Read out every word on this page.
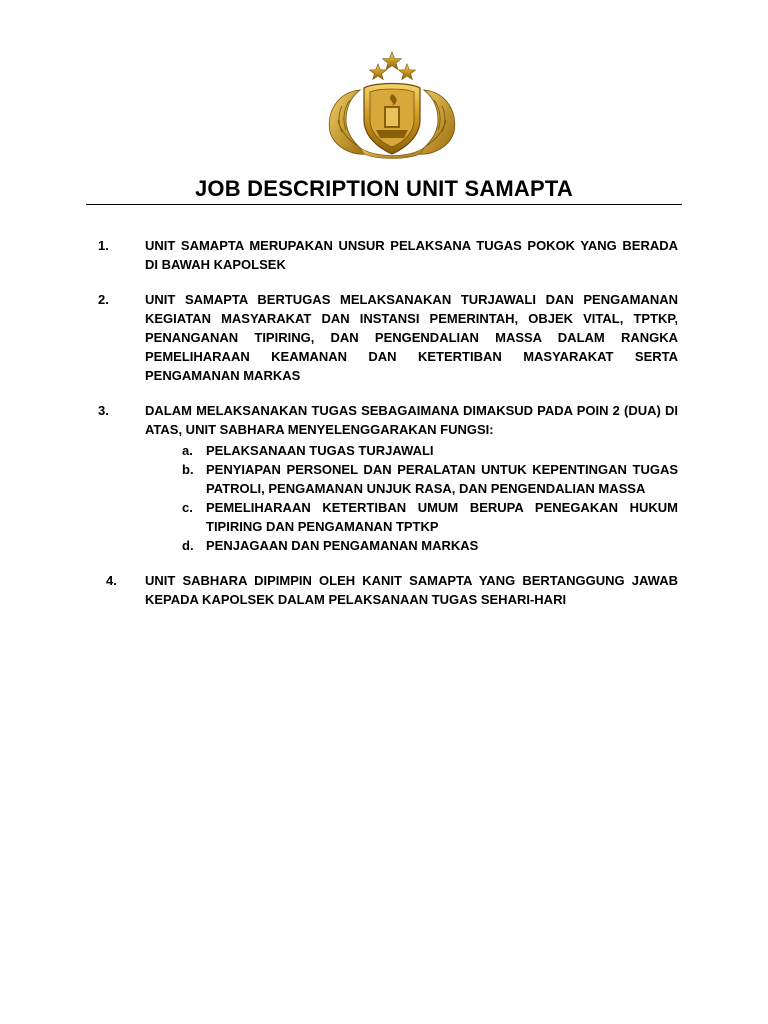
JOB DESCRIPTION UNIT SAMAPTA
1.	UNIT SAMAPTA MERUPAKAN UNSUR PELAKSANA TUGAS POKOK YANG BERADA DI BAWAH KAPOLSEK
2.	UNIT SAMAPTA BERTUGAS MELAKSANAKAN TURJAWALI DAN PENGAMANAN KEGIATAN MASYARAKAT DAN INSTANSI PEMERINTAH, OBJEK VITAL, TPTKP, PENANGANAN TIPIRING, DAN PENGENDALIAN MASSA DALAM RANGKA PEMELIHARAAN KEAMANAN DAN KETERTIBAN MASYARAKAT SERTA PENGAMANAN MARKAS
3.	DALAM MELAKSANAKAN TUGAS SEBAGAIMANA DIMAKSUD PADA POIN 2 (DUA) DI ATAS, UNIT SABHARA MENYELENGGARAKAN FUNGSI:
a. PELAKSANAAN TUGAS TURJAWALI
b. PENYIAPAN PERSONEL DAN PERALATAN UNTUK KEPENTINGAN TUGAS PATROLI, PENGAMANAN UNJUK RASA, DAN PENGENDALIAN MASSA
c. PEMELIHARAAN KETERTIBAN UMUM BERUPA PENEGAKAN HUKUM TIPIRING DAN PENGAMANAN TPTKP
d. PENJAGAAN DAN PENGAMANAN MARKAS
4. UNIT SABHARA DIPIMPIN OLEH KANIT SAMAPTA YANG BERTANGGUNG JAWAB KEPADA KAPOLSEK DALAM PELAKSANAAN TUGAS SEHARI-HARI
